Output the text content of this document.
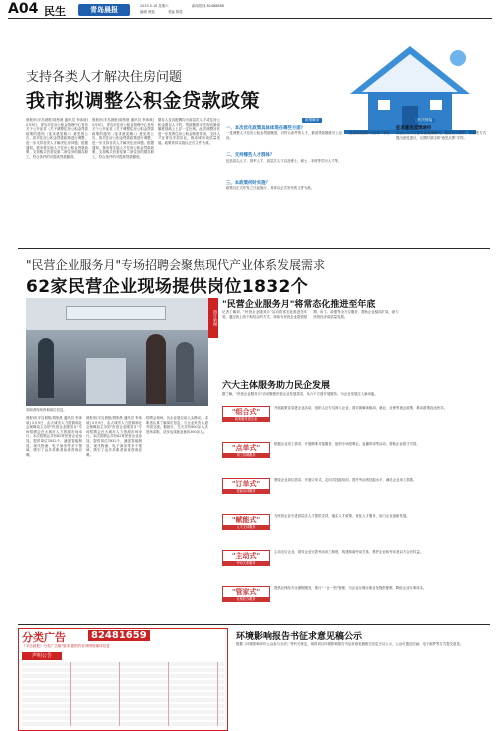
A04 民生	青岛晨报	2025.5.10 星期六	新闻热线 82488888
编辑 黄甄	美编 陈思
支持各类人才解决住房问题
我市拟调整公积金贷款政策
晨报讯(半岛晨报/胡彤晨 通讯员 李沐戚) 5月8日，青岛市住房公积金管理中心发布关于公开征求《关于调整住房公积金贷款政策的通知（征求意见稿）》意见的公告，拟对住房公积金贷款政策进行调整，进一步支持各类人才解决住房问题。根据通知，我市将实施人才住房公积金贷款政策，支持购买首套及第二套住房的缴存职工，符合条件的可提高贷款额度。
晨报讯(半岛晨报/胡彤晨 通讯员 李沐戚) 5月8日，青岛市住房公积金管理中心发布关于公开征求《关于调整住房公积金贷款政策的通知（征求意见稿）》意见的公告，拟对住房公积金贷款政策进行调整，进一步支持各类人才解决住房问题。根据通知，我市将实施人才住房公积金贷款政策，支持购买首套及第二套住房的缴存职工，符合条件的可提高贷款额度。
缴存人及其配偶均为高层次人才或住房公积金缴存人才的，贷款额度可在现有最高额度基础上上浮一定比例。此次调整旨在进一步发挥住房公积金制度作用，支持人才在青岛安居乐业，推动城市高质量发展。政策具体实施以正式文件为准。
政策解读	相关链接
一、本次优化政策具体体现在哪些方面？
一是调整人才住房公积金贷款额度，对符合条件的人才，最高贷款额度可上浮；二是适用范围扩大至第二套住房。
二、支持哪些人才群体？
包括顶尖人才、领军人才、高层次人才以及博士、硕士、本科等学历人才等。
三、本政策何时实施？
政策自正式印发之日起施行，具体以正式发布的文件为准。
征求意见反馈途径
社会公众可在征求意见期限内，通过电子邮件、信函等方式提出意见建议，反馈时请注明"意见反馈"字样。
"民营企业服务月"专场招聘会聚焦现代产业体系发展需求
62家民营企业现场提供岗位1832个
图片新闻
求职者现场咨询岗位信息。
晨报讯(半岛晨报/胡彤晨 通讯员 李沐戚) 5月9日，由大城市人力资源和社会保障局主办的"民营企业服务月"专场招聘会在大城市人力资源市场举行。本次招聘会共有62家民营企业参加，提供岗位1832个，涵盖智能制造、现代物流、电子商务等多个领域，吸引了众多求职者前来咨询应聘。
晨报讯(半岛晨报/胡彤晨 通讯员 李沐戚) 5月9日，由大城市人力资源和社会保障局主办的"民营企业服务月"专场招聘会在大城市人力资源市场举行。本次招聘会共有62家民营企业参加，提供岗位1832个，涵盖智能制造、现代物流、电子商务等多个领域，吸引了众多求职者前来咨询应聘。
招聘会现场，各企业展位前人头攒动，求职者认真了解岗位信息，与企业负责人面对面交流。据统计，当天共有800余人次进场求职，初步达成就业意向300余人。
"民营企业服务月"将常态化推进至年底
记者了解到，"民营企业服务月"活动将常态化推进至年底，通过线上线下相结合的方式，持续为民营企业提供招聘、用工、政策等全方位服务，帮助企业稳岗扩岗，助力民营经济高质量发展。
六大主体服务助力民企发展
据了解，"民营企业服务月"活动聚焦民营企业发展需求，从六个方面开展服务，为企业发展注入新动能。
"组合式"
政策服务进企业
开展政策宣讲进企业活动，组织人社专员深入企业，面对面解读稳岗、就业、社保等惠企政策，推动政策直达快享。
"点单式"
用工招聘服务
根据企业用工需求，开展精准对接服务，组织专场招聘会、直播带岗等活动，帮助企业招才引智。
"订单式"
技能培训服务
围绕企业岗位需求，开展订单式、定向式技能培训，提升劳动者技能水平，满足企业用工需要。
"赋能式"
人才支持服务
为民营企业引进高层次人才提供支持，落实人才政策，优化人才服务，助力企业创新发展。
"主动式"
劳动关系服务
主动走访企业，指导企业完善劳动用工制度，构建和谐劳动关系，维护企业和劳动者双方合法权益。
"管家式"
社保经办服务
提供社保经办全流程服务，推行"一企一档"管理，为企业办理社保业务提供便利，降低企业办事成本。
分类广告	82481659
《半岛晨报》分类广告版"版本提供的各项网络媒体信息
声明公告
环境影响报告书征求意见稿公示
根据《环境影响评价公众参与办法》等有关规定，现将项目环境影响报告书征求意见稿相关信息予以公示，公众可通过信函、电子邮件等方式提交意见。
